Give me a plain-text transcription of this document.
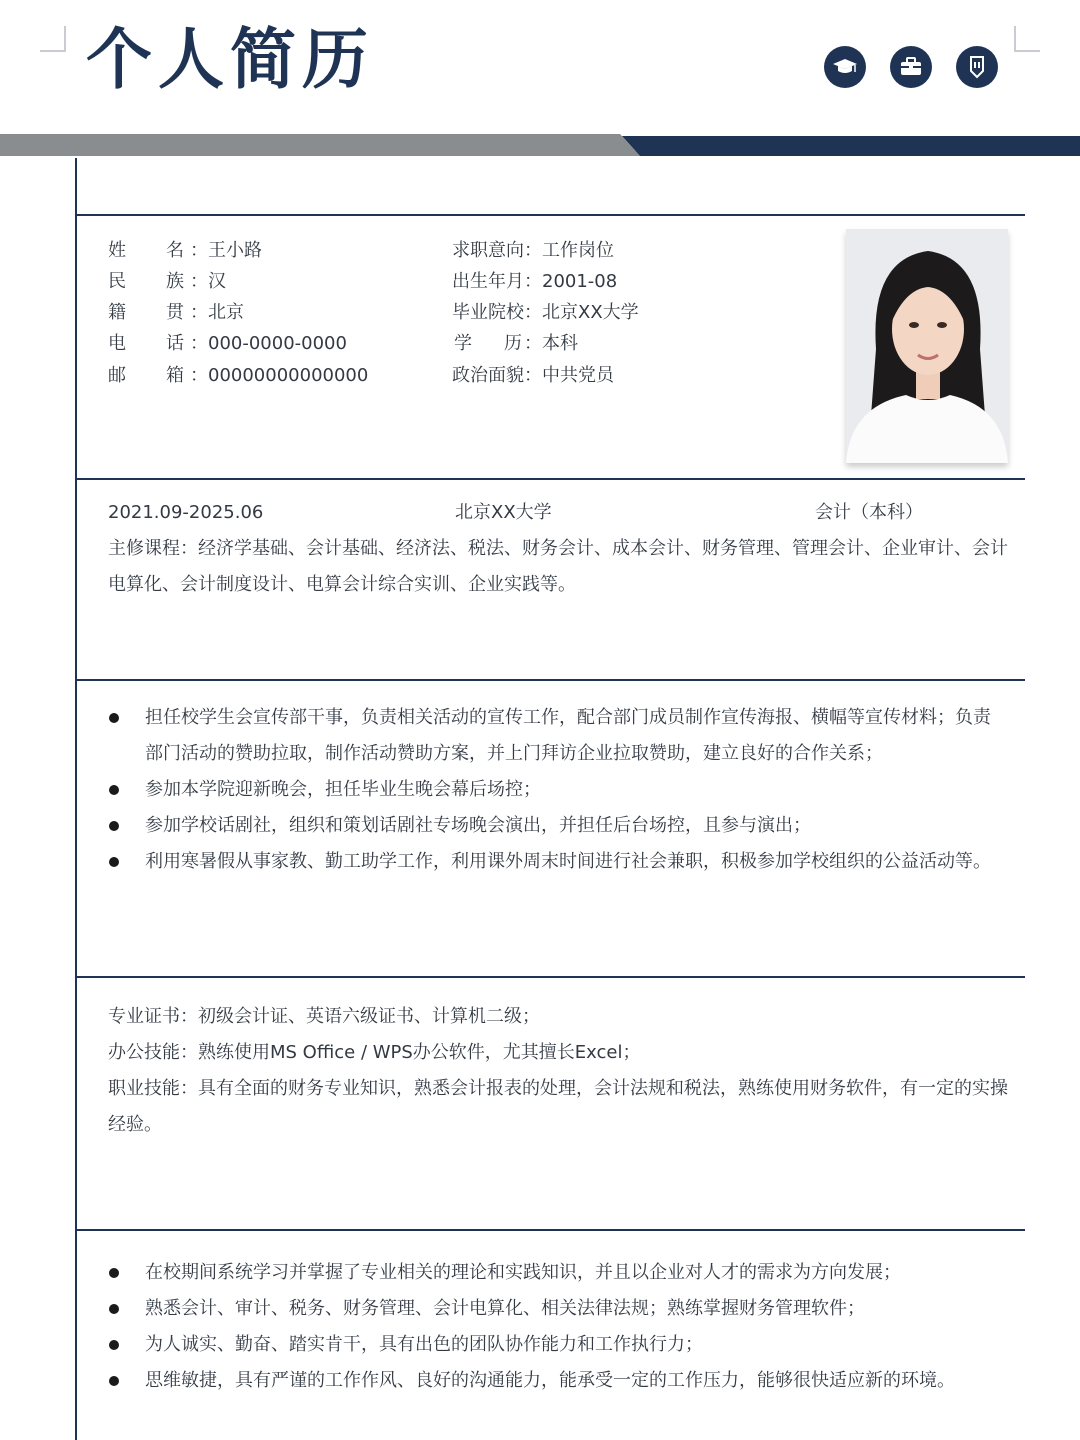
个人简历
姓 名 ：王小路
民 族 ：汉
籍 贯 ：北京
电 话 ：000-0000-0000
邮 箱 ：00000000000000
求职意向：工作岗位
出生年月：2001-08
毕业院校：北京XX大学
学 历 ：本科
政治面貌：中共党员
2021.09-2025.06	北京XX大学	会计（本科）
主修课程：经济学基础、会计基础、经济法、税法、财务会计、成本会计、财务管理、管理会计、企业审计、会计电算化、会计制度设计、电算会计综合实训、企业实践等。
担任校学生会宣传部干事，负责相关活动的宣传工作，配合部门成员制作宣传海报、横幅等宣传材料；负责部门活动的赞助拉取，制作活动赞助方案，并上门拜访企业拉取赞助，建立良好的合作关系；
参加本学院迎新晚会，担任毕业生晚会幕后场控；
参加学校话剧社，组织和策划话剧社专场晚会演出，并担任后台场控，且参与演出；
利用寒暑假从事家教、勤工助学工作，利用课外周末时间进行社会兼职，积极参加学校组织的公益活动等。
专业证书：初级会计证、英语六级证书、计算机二级；
办公技能：熟练使用MS Office / WPS办公软件，尤其擅长Excel；
职业技能：具有全面的财务专业知识，熟悉会计报表的处理，会计法规和税法，熟练使用财务软件，有一定的实操经验。
在校期间系统学习并掌握了专业相关的理论和实践知识，并且以企业对人才的需求为方向发展；
熟悉会计、审计、税务、财务管理、会计电算化、相关法律法规；熟练掌握财务管理软件；
为人诚实、勤奋、踏实肯干，具有出色的团队协作能力和工作执行力；
思维敏捷，具有严谨的工作作风、良好的沟通能力，能承受一定的工作压力，能够很快适应新的环境。
